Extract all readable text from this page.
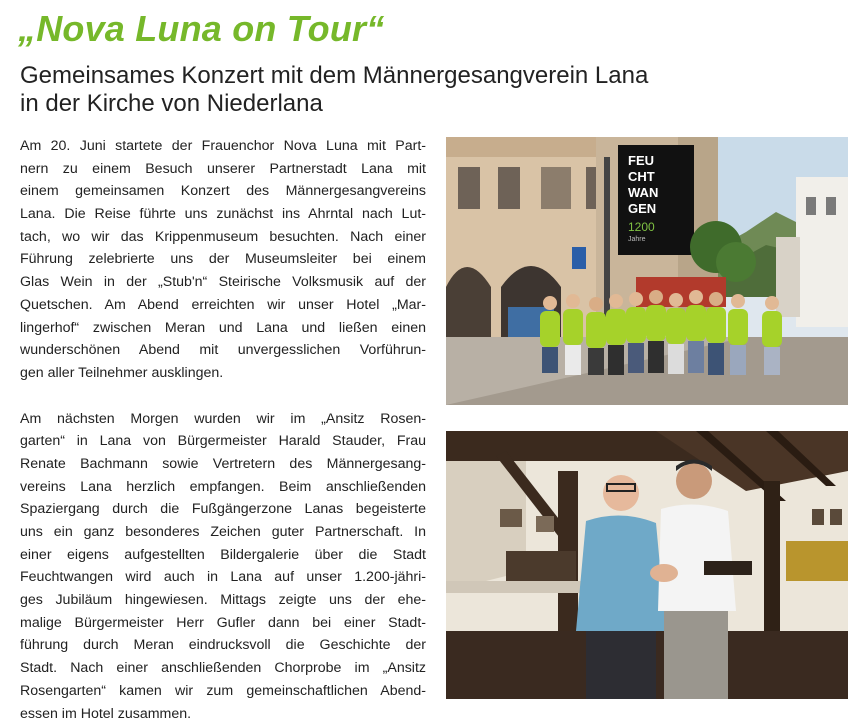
„Nova Luna on Tour“
Gemeinsames Konzert mit dem Männergesangverein Lana
in der Kirche von Niederlana
Am 20. Juni startete der Frauenchor Nova Luna mit Part-
nern zu einem Besuch unserer Partnerstadt Lana mit
einem gemeinsamen Konzert des Männergesangvereins
Lana. Die Reise führte uns zunächst ins Ahrntal nach Lut-
tach, wo wir das Krippenmuseum besuchten. Nach einer
Führung zelebrierte uns der Museumsleiter bei einem
Glas Wein in der „Stub'n“ Steirische Volksmusik auf der
Quetschen. Am Abend erreichten wir unser Hotel „Mar-
lingerhof“ zwischen Meran und Lana und ließen einen
wunderschönen Abend mit unvergesslichen Vorführun-
gen aller Teilnehmer ausklingen.
Am nächsten Morgen wurden wir im „Ansitz Rosen-
garten“ in Lana von Bürgermeister Harald Stauder, Frau
Renate Bachmann sowie Vertretern des Männergesang-
vereins Lana herzlich empfangen. Beim anschließenden
Spaziergang durch die Fußgängerzone Lanas begeisterte
uns ein ganz besonderes Zeichen guter Partnerschaft. In
einer eigens aufgestellten Bildergalerie über die Stadt
Feuchtwangen wird auch in Lana auf unser 1.200-jähri-
ges Jubiläum hingewiesen. Mittags zeigte uns der ehe-
malige Bürgermeister Herr Gufler dann bei einer Stadt-
führung durch Meran eindrucksvoll die Geschichte der
Stadt. Nach einer anschließenden Chorprobe im „Ansitz
Rosengarten“ kamen wir zum gemeinschaftlichen Abend-
essen im Hotel zusammen.
FEU
CHT
WAN
GEN
1200
Jahre
